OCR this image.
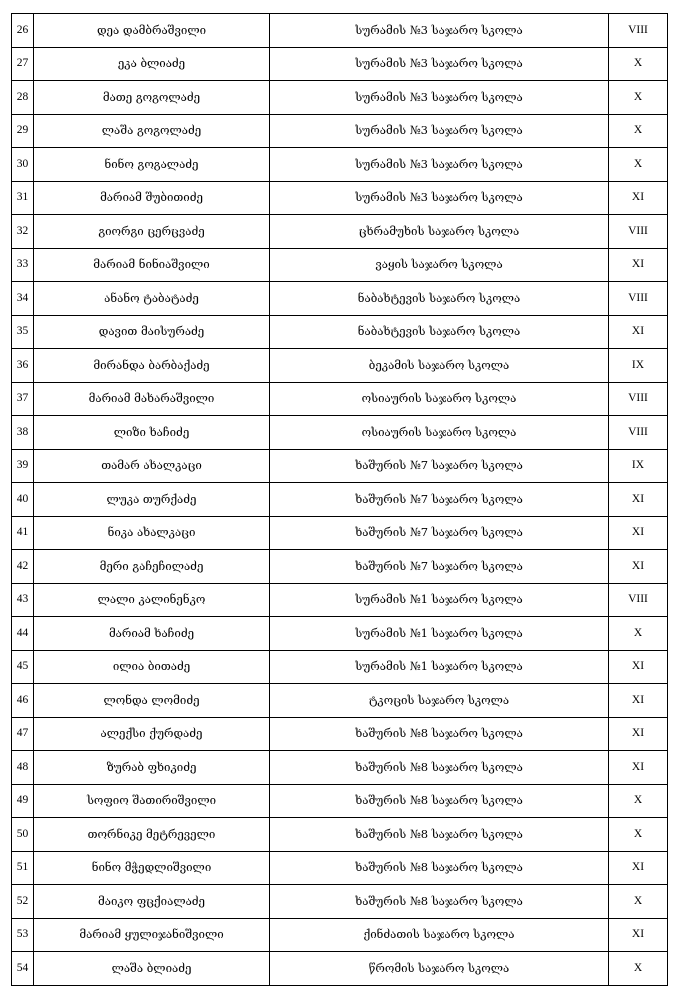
26	დეა დამბრაშვილი	სურამის №3 საჯარო სკოლა	VIII
27	ეკა ბლიაძე	სურამის №3 საჯარო სკოლა	X
28	მათე გოგოლაძე	სურამის №3 საჯარო სკოლა	X
29	ლაშა გოგოლაძე	სურამის №3 საჯარო სკოლა	X
30	ნინო გოგალაძე	სურამის №3 საჯარო სკოლა	X
31	მარიამ შუბითიძე	სურამის №3 საჯარო სკოლა	XI
32	გიორგი ცერცვაძე	ცხრამუხის საჯარო სკოლა	VIII
33	მარიამ ნინიაშვილი	ვაყის საჯარო სკოლა	XI
34	ანანო ტაბატაძე	ნაბახტევის საჯარო სკოლა	VIII
35	დავით მაისურაძე	ნაბახტევის საჯარო სკოლა	XI
36	მირანდა ბარბაქაძე	ბეკამის საჯარო სკოლა	IX
37	მარიამ მახარაშვილი	ოსიაურის საჯარო სკოლა	VIII
38	ლიზი ხაჩიძე	ოსიაურის საჯარო სკოლა	VIII
39	თამარ ახალკაცი	ხაშურის №7 საჯარო სკოლა	IX
40	ლუკა თურქაძე	ხაშურის №7 საჯარო სკოლა	XI
41	ნიკა ახალკაცი	ხაშურის №7 საჯარო სკოლა	XI
42	მერი გაჩეჩილაძე	ხაშურის №7 საჯარო სკოლა	XI
43	ლალი კალინენკო	სურამის №1 საჯარო სკოლა	VIII
44	მარიამ ხაჩიძე	სურამის №1 საჯარო სკოლა	X
45	ილია ბითაძე	სურამის №1 საჯარო სკოლა	XI
46	ლონდა ლომიძე	ტკოცის საჯარო სკოლა	XI
47	ალექსი ქურდაძე	ხაშურის №8 საჯარო სკოლა	XI
48	ზურაბ ფხიკიძე	ხაშურის №8 საჯარო სკოლა	XI
49	სოფიო შათირიშვილი	ხაშურის №8 საჯარო სკოლა	X
50	თორნიკე მეტრეველი	ხაშურის №8 საჯარო სკოლა	X
51	ნინო მჭედლიშვილი	ხაშურის №8 საჯარო სკოლა	XI
52	მაიკო ფცქიალაძე	ხაშურის №8 საჯარო სკოლა	X
53	მარიამ ყულიჯანიშვილი	ქინძათის საჯარო სკოლა	XI
54	ლაშა ბლიაძე	წრომის საჯარო სკოლა	X
